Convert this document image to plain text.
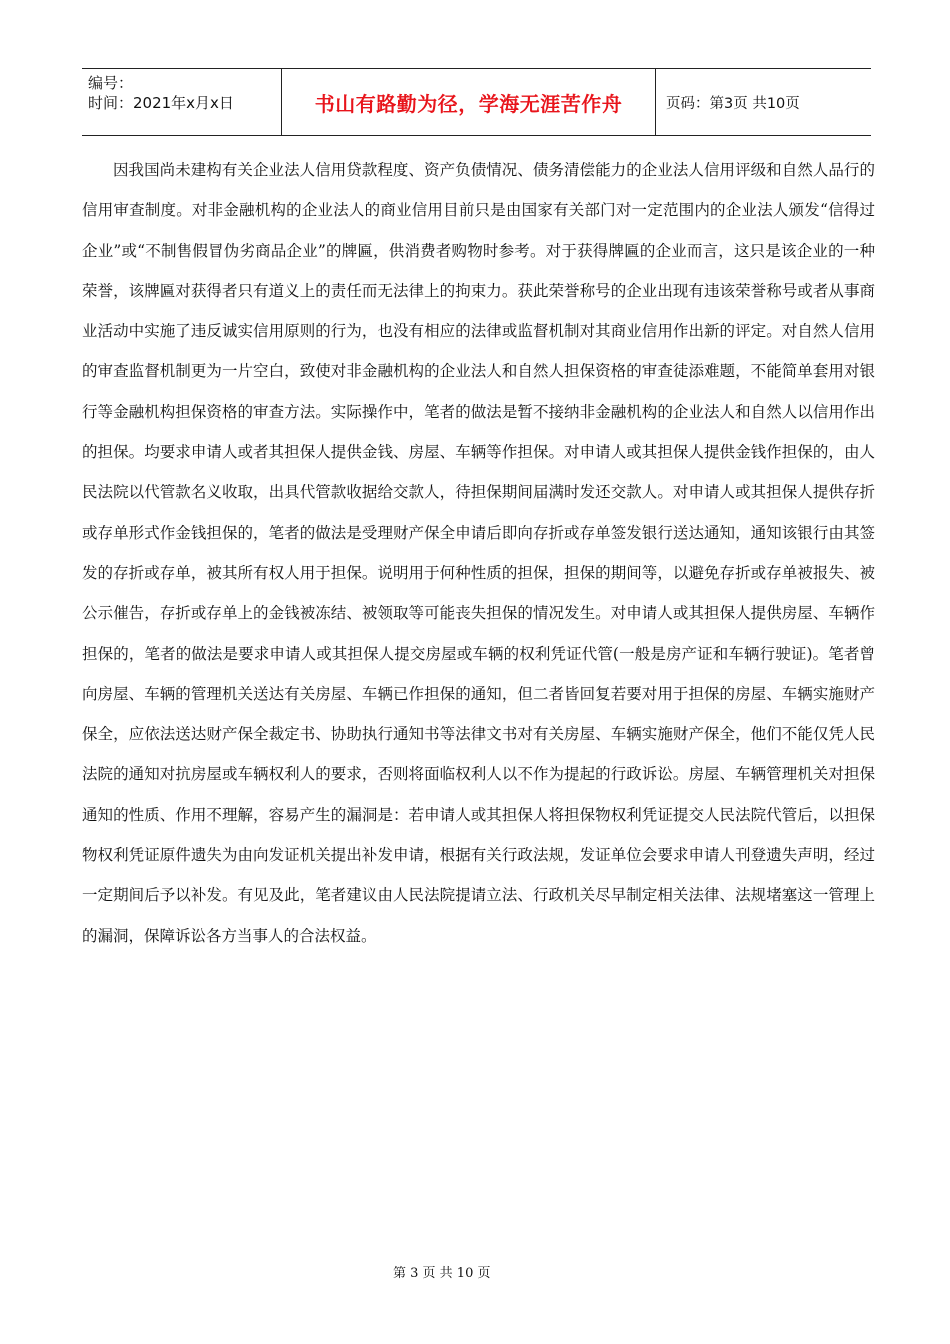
编号：
时间：2021年x月x日	书山有路勤为径，学海无涯苦作舟	页码：第3页 共10页

因我国尚未建构有关企业法人信用贷款程度、资产负债情况、债务清偿能力的企业法人信用评级和自然人品行的信用审查制度。对非金融机构的企业法人的商业信用目前只是由国家有关部门对一定范围内的企业法人颁发“信得过企业”或“不制售假冒伪劣商品企业”的牌匾，供消费者购物时参考。对于获得牌匾的企业而言，这只是该企业的一种荣誉，该牌匾对获得者只有道义上的责任而无法律上的拘束力。获此荣誉称号的企业出现有违该荣誉称号或者从事商业活动中实施了违反诚实信用原则的行为，也没有相应的法律或监督机制对其商业信用作出新的评定。对自然人信用的审查监督机制更为一片空白，致使对非金融机构的企业法人和自然人担保资格的审查徒添难题，不能简单套用对银行等金融机构担保资格的审查方法。实际操作中，笔者的做法是暂不接纳非金融机构的企业法人和自然人以信用作出的担保。均要求申请人或者其担保人提供金钱、房屋、车辆等作担保。对申请人或其担保人提供金钱作担保的，由人民法院以代管款名义收取，出具代管款收据给交款人，待担保期间届满时发还交款人。对申请人或其担保人提供存折或存单形式作金钱担保的，笔者的做法是受理财产保全申请后即向存折或存单签发银行送达通知，通知该银行由其签发的存折或存单，被其所有权人用于担保。说明用于何种性质的担保，担保的期间等，以避免存折或存单被报失、被公示催告，存折或存单上的金钱被冻结、被领取等可能丧失担保的情况发生。对申请人或其担保人提供房屋、车辆作担保的，笔者的做法是要求申请人或其担保人提交房屋或车辆的权利凭证代管(一般是房产证和车辆行驶证)。笔者曾向房屋、车辆的管理机关送达有关房屋、车辆已作担保的通知，但二者皆回复若要对用于担保的房屋、车辆实施财产保全，应依法送达财产保全裁定书、协助执行通知书等法律文书对有关房屋、车辆实施财产保全，他们不能仅凭人民法院的通知对抗房屋或车辆权利人的要求，否则将面临权利人以不作为提起的行政诉讼。房屋、车辆管理机关对担保通知的性质、作用不理解，容易产生的漏洞是：若申请人或其担保人将担保物权利凭证提交人民法院代管后，以担保物权利凭证原件遗失为由向发证机关提出补发申请，根据有关行政法规，发证单位会要求申请人刊登遗失声明，经过一定期间后予以补发。有见及此，笔者建议由人民法院提请立法、行政机关尽早制定相关法律、法规堵塞这一管理上的漏洞，保障诉讼各方当事人的合法权益。

第 3 页 共 10 页
